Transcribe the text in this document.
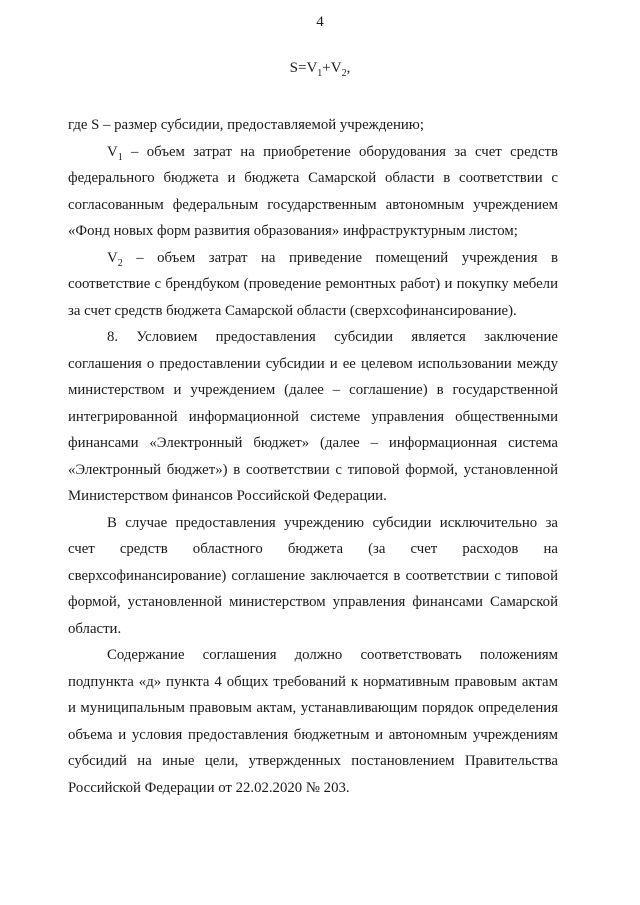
4
$S=V_1+V_2$,

где S – размер субсидии, предоставляемой учреждению;

$V_1$ – объем затрат на приобретение оборудования за счет средств федерального бюджета и бюджета Самарской области в соответствии с согласованным федеральным государственным автономным учреждением «Фонд новых форм развития образования» инфраструктурным листом;

$V_2$ – объем затрат на приведение помещений учреждения в соответствие с брендбуком (проведение ремонтных работ) и покупку мебели за счет средств бюджета Самарской области (сверхсофинансирование).

8. Условием предоставления субсидии является заключение соглашения о предоставлении субсидии и ее целевом использовании между министерством и учреждением (далее – соглашение) в государственной интегрированной информационной системе управления общественными финансами «Электронный бюджет» (далее – информационная система «Электронный бюджет») в соответствии с типовой формой, установленной Министерством финансов Российской Федерации.

В случае предоставления учреждению субсидии исключительно за счет средств областного бюджета (за счет расходов на сверхсофинансирование) соглашение заключается в соответствии с типовой формой, установленной министерством управления финансами Самарской области.

Содержание соглашения должно соответствовать положениям подпункта «д» пункта 4 общих требований к нормативным правовым актам и муниципальным правовым актам, устанавливающим порядок определения объема и условия предоставления бюджетным и автономным учреждениям субсидий на иные цели, утвержденных постановлением Правительства Российской Федерации от 22.02.2020 № 203.
